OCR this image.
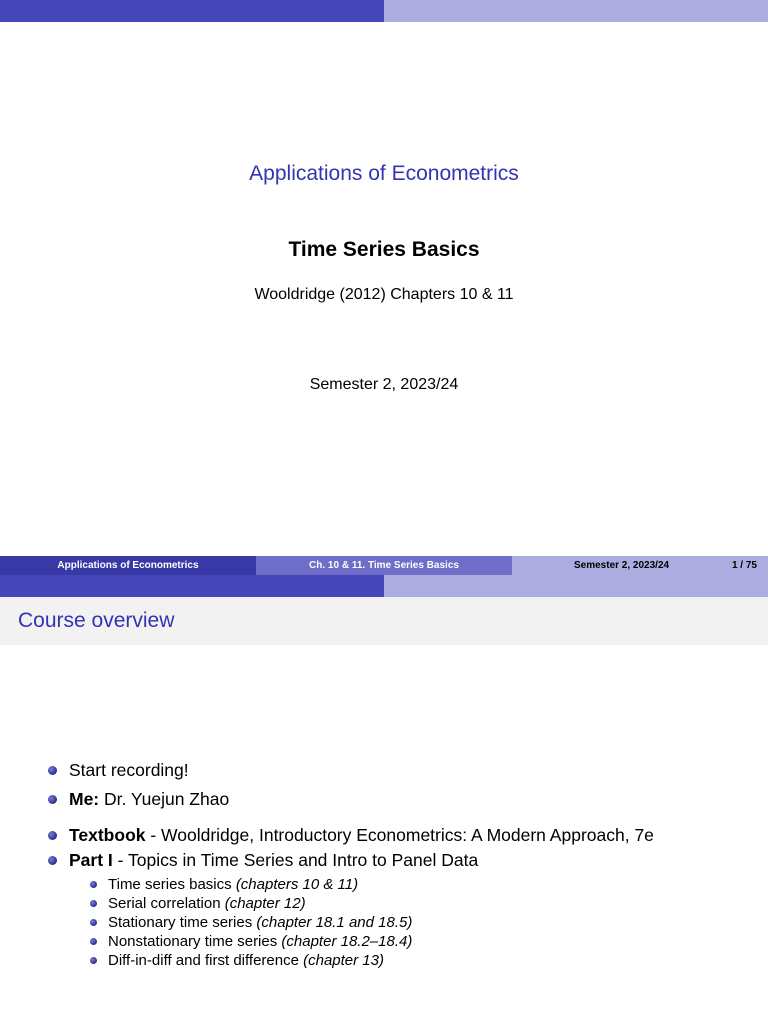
Applications of Econometrics
Time Series Basics
Wooldridge (2012) Chapters 10 & 11
Semester 2, 2023/24
Applications of Econometrics	Ch. 10 & 11. Time Series Basics	Semester 2, 2023/24	1 / 75
Course overview
Start recording!
Me: Dr. Yuejun Zhao
Textbook - Wooldridge, Introductory Econometrics: A Modern Approach, 7e
Part I - Topics in Time Series and Intro to Panel Data
Time series basics (chapters 10 & 11)
Serial correlation (chapter 12)
Stationary time series (chapter 18.1 and 18.5)
Nonstationary time series (chapter 18.2–18.4)
Diff-in-diff and first difference (chapter 13)
